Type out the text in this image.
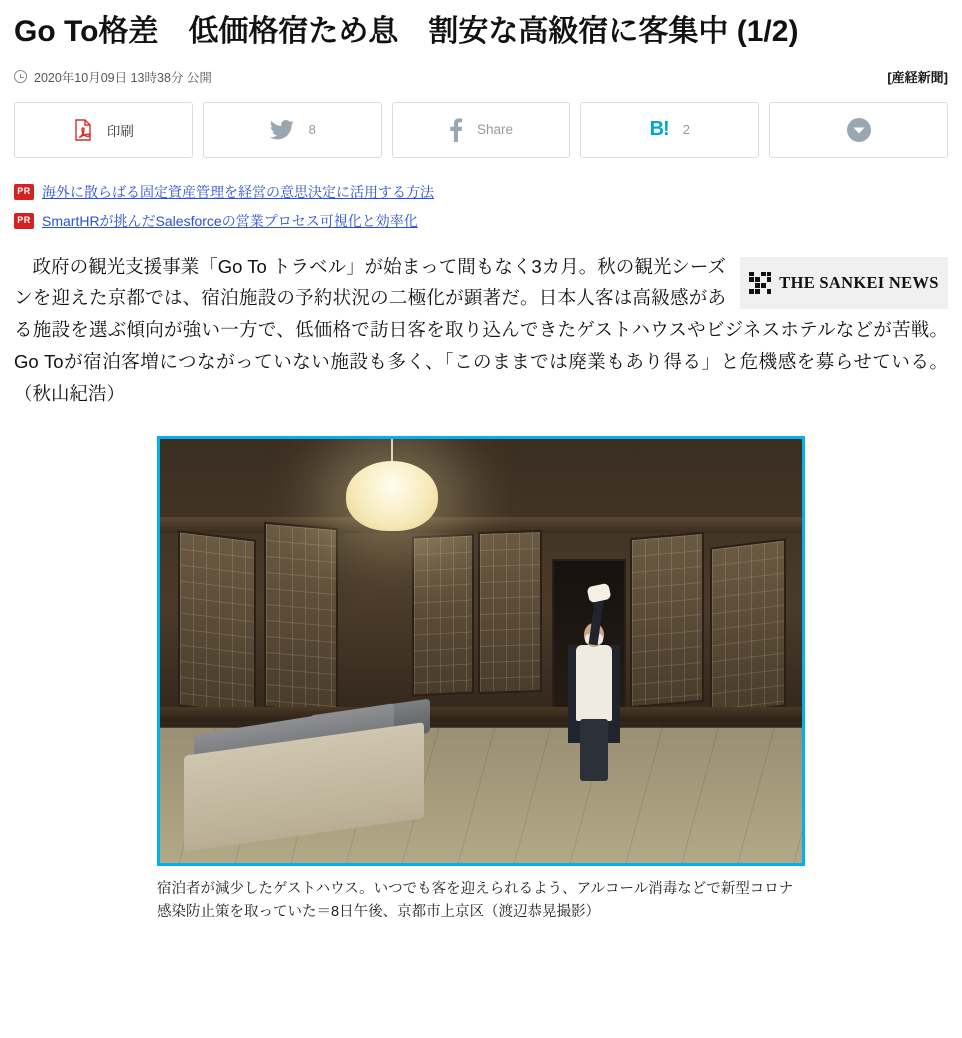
Go To格差　低価格宿ため息　割安な高級宿に客集中 (1/2)
2020年10月09日 13時38分 公開	[産経新聞]
印刷	8	Share	B! 2
PR 海外に散らばる固定資産管理を経営の意思決定に活用する方法
PR SmartHRが挑んだSalesforceの営業プロセス可視化と効率化
THE SANKEI NEWS

　政府の観光支援事業「Go To トラベル」が始まって間もなく3カ月。秋の観光シーズンを迎えた京都では、宿泊施設の予約状況の二極化が顕著だ。日本人客は高級感がある施設を選ぶ傾向が強い一方で、低価格で訪日客を取り込んできたゲストハウスやビジネスホテルなどが苦戦。Go Toが宿泊客増につながっていない施設も多く、「このままでは廃業もあり得る」と危機感を募らせている。（秋山紀浩）

宿泊者が減少したゲストハウス。いつでも客を迎えられるよう、アルコール消毒などで新型コロナ感染防止策を取っていた＝8日午後、京都市上京区（渡辺恭晃撮影）
